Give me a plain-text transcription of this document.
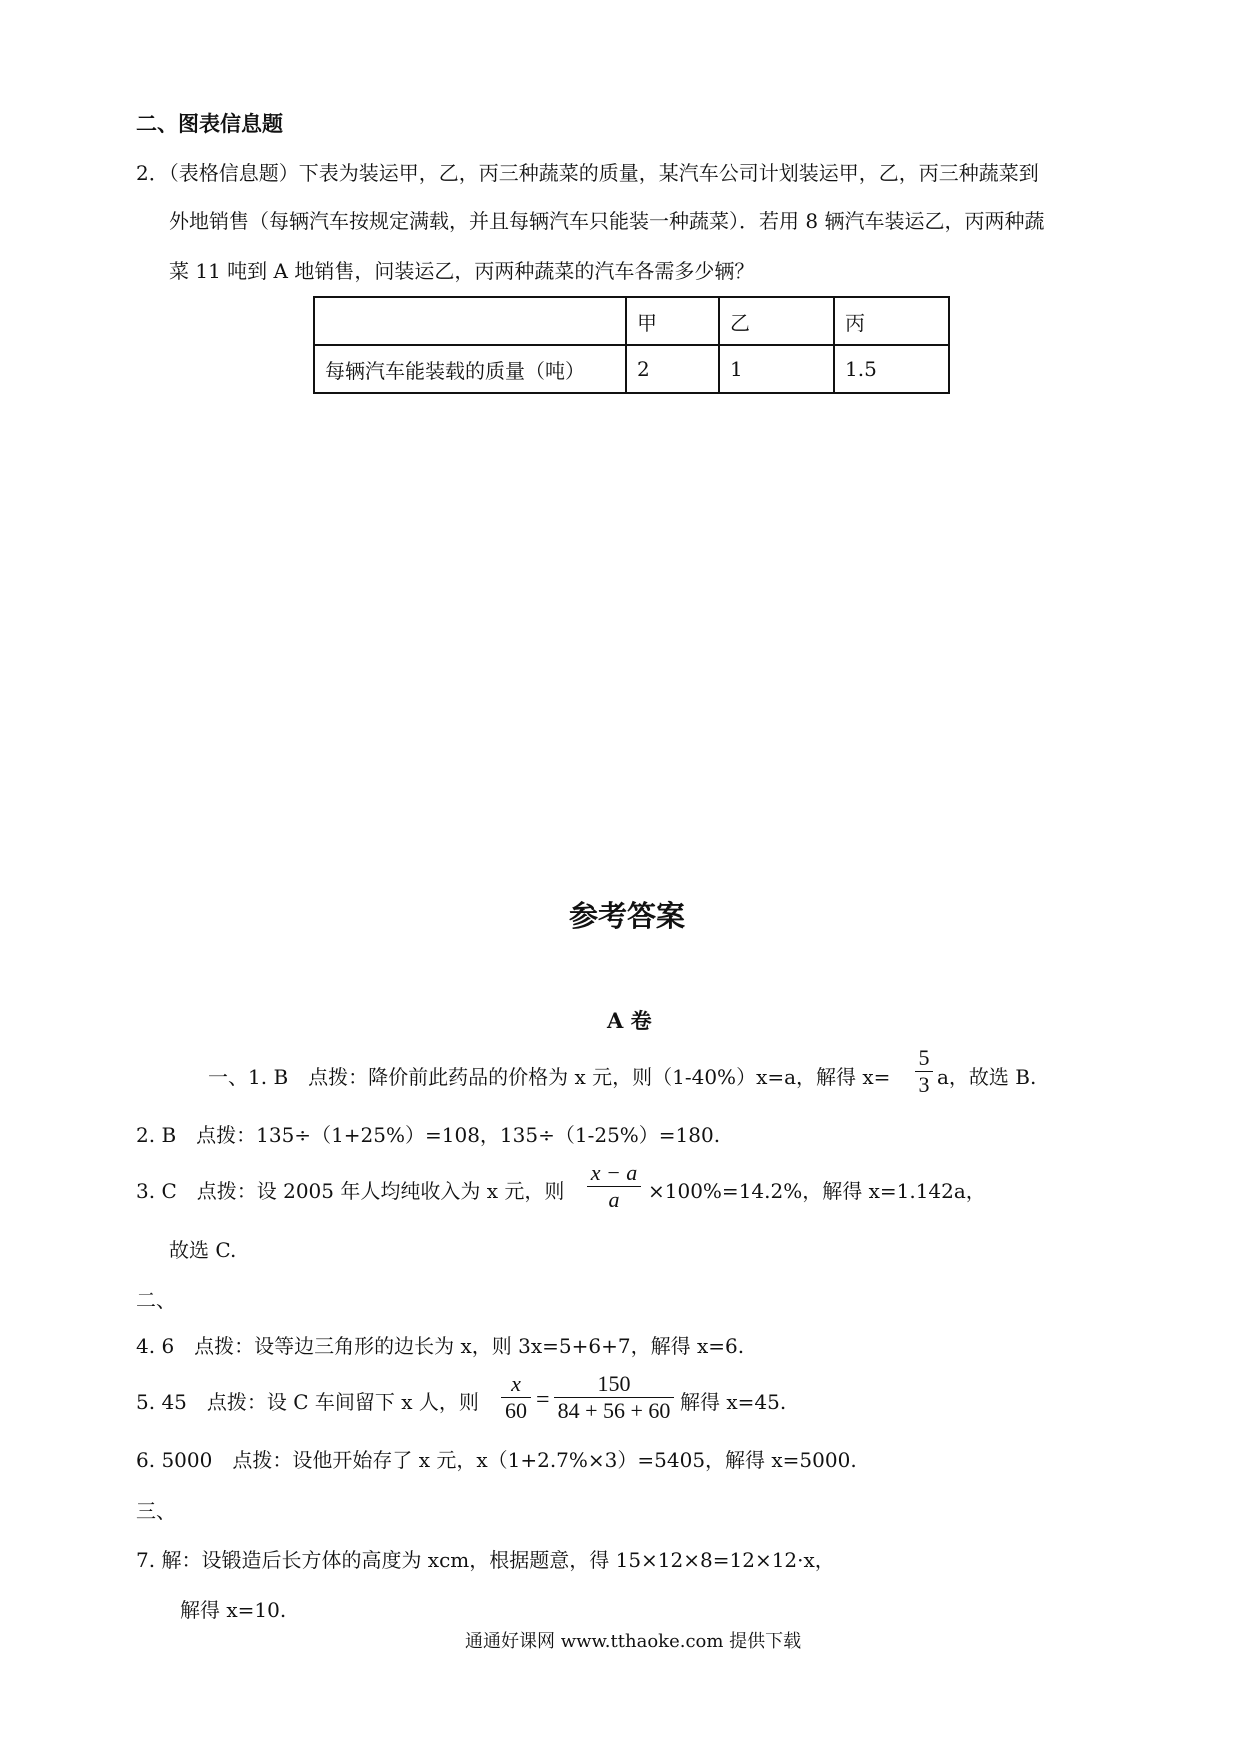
二、图表信息题
2．（表格信息题）下表为装运甲，乙，丙三种蔬菜的质量，某汽车公司计划装运甲，乙，丙三种蔬菜到
外地销售（每辆汽车按规定满载，并且每辆汽车只能装一种蔬菜）．若用 8 辆汽车装运乙，丙两种蔬
菜 11 吨到 A 地销售，问装运乙，丙两种蔬菜的汽车各需多少辆？
	甲	乙	丙
每辆汽车能装载的质量（吨）	2	1	1.5
参考答案
A 卷
一、1. B　点拨：降价前此药品的价格为 x 元，则（1-40%）x=a，解得 x=
5
3 a，故选 B.
2. B　点拨：135÷（1+25%）=108，135÷（1-25%）=180.
3. C　点拨：设 2005 年人均纯收入为 x 元，则
x − a
a ×100%=14.2%，解得 x=1.142a，
故选 C.
二、
4. 6　点拨：设等边三角形的边长为 x，则 3x=5+6+7，解得 x=6.
5. 45　点拨：设 C 车间留下 x 人，则
x
60 =
150
84 + 56 + 60 解得 x=45.
6. 5000　点拨：设他开始存了 x 元，x（1+2.7%×3）=5405，解得 x=5000.
三、
7. 解：设锻造后长方体的高度为 xcm，根据题意，得 15×12×8=12×12·x，
解得 x=10.
通通好课网 www.tthaoke.com 提供下载
